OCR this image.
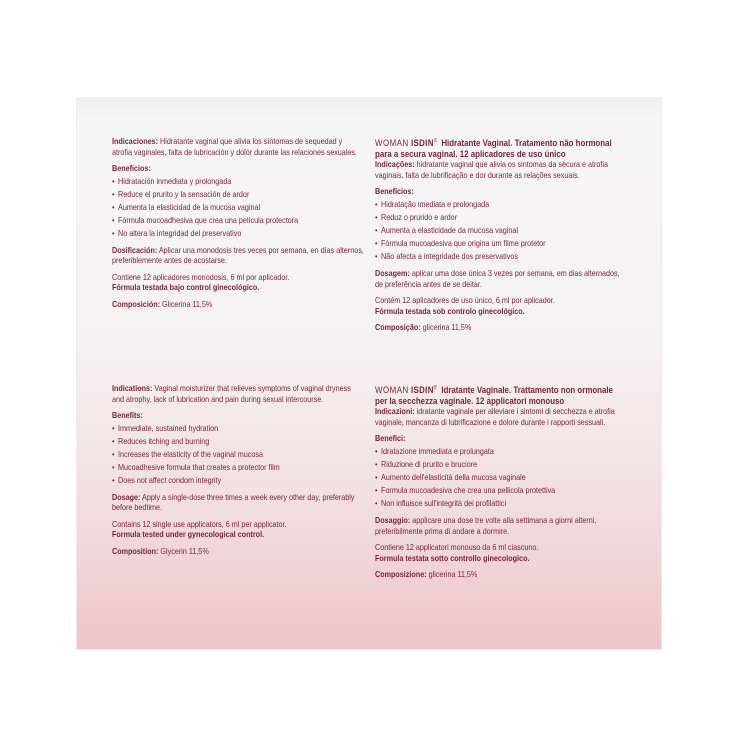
Indicaciones: Hidratante vaginal que alivia los síntomas de sequedad y atrofia vaginales, falta de lubricación y dolor durante las relaciones sexuales.

Beneficios:

• Hidratación inmediata y prolongada
• Reduce el prurito y la sensación de ardor
• Aumenta la elasticidad de la mucosa vaginal
• Fórmula mucoadhesiva que crea una película protectora
• No altera la integridad del preservativo

Dosificación: Aplicar una monodosis tres veces por semana, en días alternos, preferiblemente antes de acostarse.

Contiene 12 aplicadores monodosis, 6 ml por aplicador.

Fórmula testada bajo control ginecológico.

Composición: Glicerina 11,5%

Indications: Vaginal moisturizer that relieves symptoms of vaginal dryness and atrophy, lack of lubrication and pain during sexual intercourse.

Benefits:

• Immediate, sustained hydration
• Reduces itching and burning
• Increases the elasticity of the vaginal mucosa
• Mucoadhesive formula that creates a protector film
• Does not affect condom integrity

Dosage: Apply a single-dose three times a week every other day, preferably before bedtime.

Contains 12 single use applicators, 6 ml per applicator.

Formula tested under gynecological control.

Composition: Glycerin 11,5%

WOMAN ISDIN® Hidratante Vaginal. Tratamento não hormonal para a secura vaginal. 12 aplicadores de uso único

Indicações: hidratante vaginal que alivia os sintomas da secura e atrofia vaginais, falta de lubrificação e dor durante as relações sexuais.

Benefícios:

• Hidratação imediata e prolongada
• Reduz o prurido e ardor
• Aumenta a elasticidade da mucosa vaginal
• Fórmula mucoadesiva que origina um filme protetor
• Não afecta a integridade dos preservativos

Dosagem: aplicar uma dose única 3 vezes por semana, em dias alternados, de preferência antes de se deitar.

Contém 12 aplicadores de uso único, 6 ml por aplicador.

Fórmula testada sob controlo ginecológico.

Composição: glicerina 11,5%

WOMAN ISDIN® Idratante Vaginale. Trattamento non ormonale per la secchezza vaginale. 12 applicatori monouso

Indicazioni: idratante vaginale per alleviare i sintomi di secchezza e atrofia vaginale, mancanza di lubrificazione e dolore durante i rapporti sessuali.

Benefici:

• Idratazione immediata e prolungata
• Riduzione di prurito e bruciore
• Aumento dell'elasticità della mucosa vaginale
• Formula mucoadesiva che crea una pellicola protettiva
• Non influisce sull'integrità dei profilattici

Dosaggio: applicare una dose tre volte alla settimana a giorni alterni, preferibilmente prima di andare a dormire.

Contiene 12 applicatori monouso da 6 ml ciascuno.

Formula testata sotto controllo ginecologico.

Composizione: glicerina 11,5%
